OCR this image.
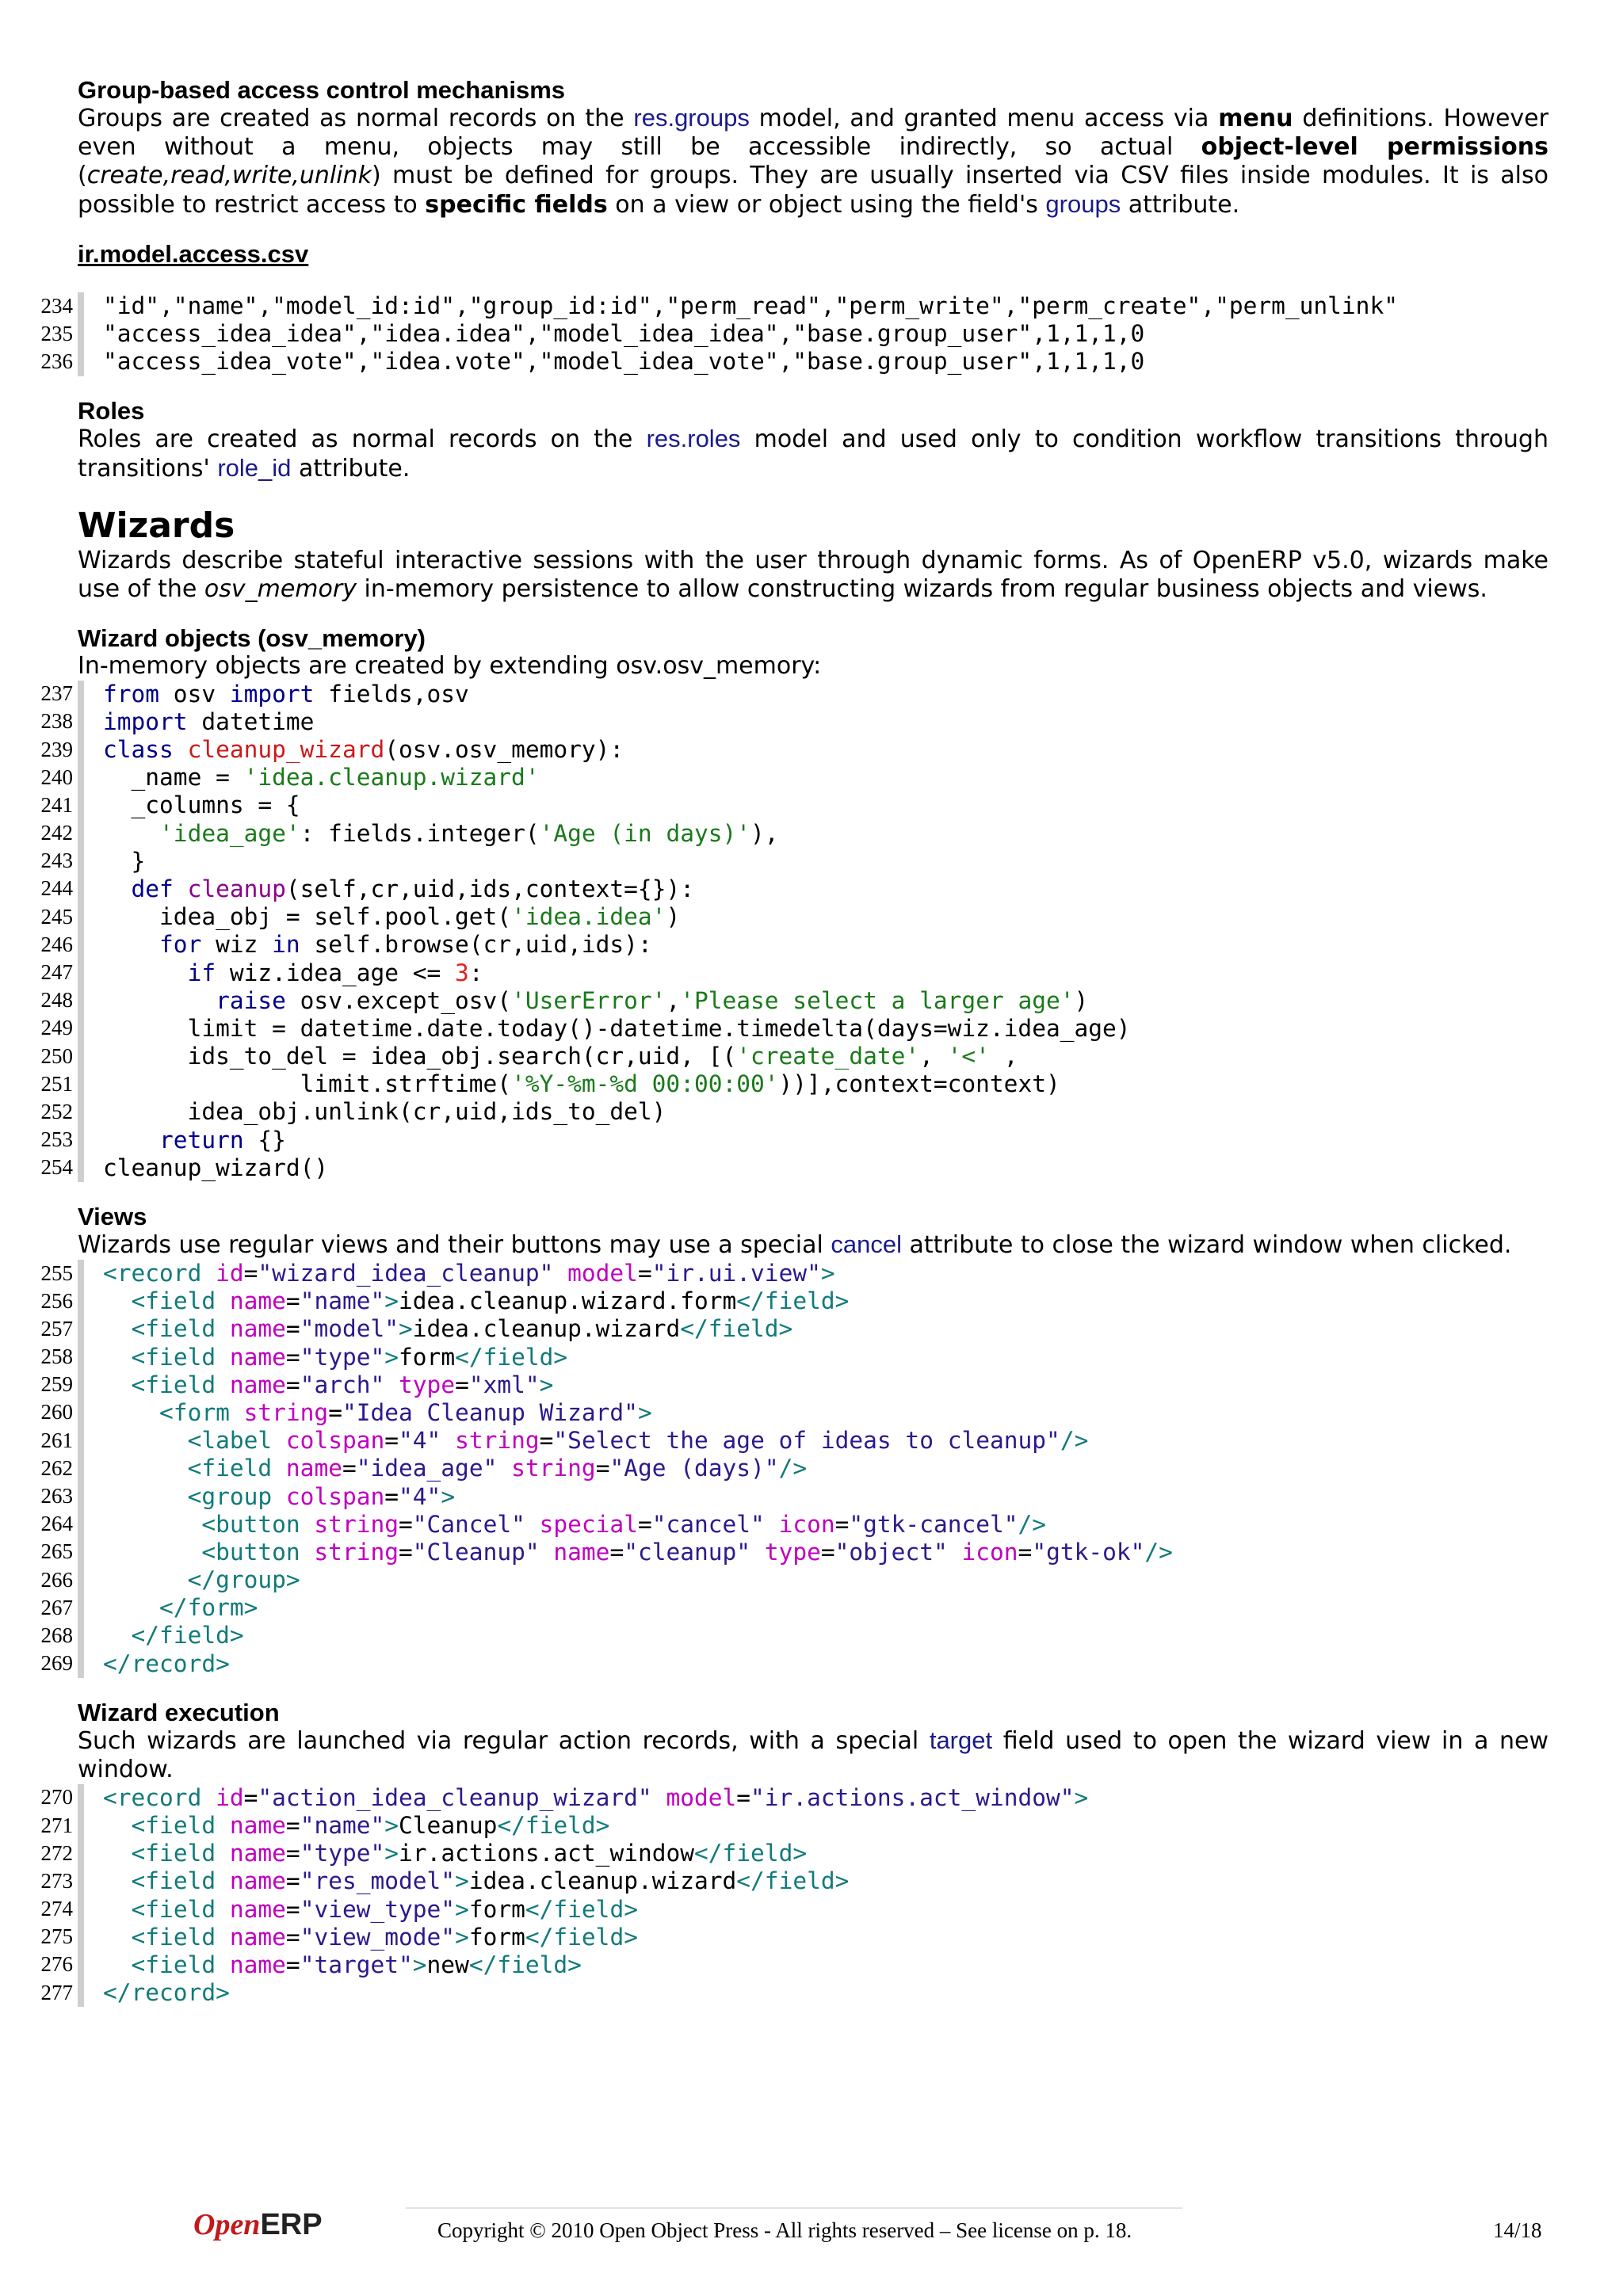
Group-based access control mechanisms

Groups are created as normal records on the res.groups model, and granted menu access via menu definitions. However even without a menu, objects may still be accessible indirectly, so actual object-level permissions (create,read,write,unlink) must be defined for groups. They are usually inserted via CSV files inside modules. It is also possible to restrict access to specific fields on a view or object using the field's groups attribute.

ir.model.access.csv

234 "id","name","model_id:id","group_id:id","perm_read","perm_write","perm_create","perm_unlink"
235 "access_idea_idea","idea.idea","model_idea_idea","base.group_user",1,1,1,0
236 "access_idea_vote","idea.vote","model_idea_vote","base.group_user",1,1,1,0

Roles

Roles are created as normal records on the res.roles model and used only to condition workflow transitions through transitions' role_id attribute.

Wizards

Wizards describe stateful interactive sessions with the user through dynamic forms. As of OpenERP v5.0, wizards make use of the osv_memory in-memory persistence to allow constructing wizards from regular business objects and views.

Wizard objects (osv_memory)

In-memory objects are created by extending osv.osv_memory:

237 from osv import fields,osv
238 import datetime
239 class cleanup_wizard(osv.osv_memory):
240 _name = 'idea.cleanup.wizard'
241 _columns = {
242	'idea_age': fields.integer('Age (in days)'),
243 }
244	def cleanup(self,cr,uid,ids,context={}):
245 idea_obj = self.pool.get('idea.idea')
246	for wiz in self.browse(cr,uid,ids):
247	if wiz.idea_age <= 3:
248	raise osv.except_osv('UserError','Please select a larger age')
249 limit = datetime.date.today()-datetime.timedelta(days=wiz.idea_age)
250 ids_to_del = idea_obj.search(cr,uid, [('create_date', '<' ,
251 limit.strftime('%Y-%m-%d 00:00:00'))],context=context)
252 idea_obj.unlink(cr,uid,ids_to_del)
253	return {}
254 cleanup_wizard()

Views

Wizards use regular views and their buttons may use a special cancel attribute to close the wizard window when clicked.

255 <record id="wizard_idea_cleanup" model="ir.ui.view">
256	<field name="name">idea.cleanup.wizard.form</field>
257	<field name="model">idea.cleanup.wizard</field>
258	<field name="type">form</field>
259	<field name="arch" type="xml">
260	<form string="Idea Cleanup Wizard">
261	<label colspan="4" string="Select the age of ideas to cleanup"/>
262	<field name="idea_age" string="Age (days)"/>
263	<group colspan="4">
264	<button string="Cancel" special="cancel" icon="gtk-cancel"/>
265	<button string="Cleanup" name="cleanup" type="object" icon="gtk-ok"/>
266	</group>
267	</form>
268	</field>
269 </record>

Wizard execution

Such wizards are launched via regular action records, with a special target field used to open the wizard view in a new window.

270 <record id="action_idea_cleanup_wizard" model="ir.actions.act_window">
271	<field name="name">Cleanup</field>
272	<field name="type">ir.actions.act_window</field>
273	<field name="res_model">idea.cleanup.wizard</field>
274	<field name="view_type">form</field>
275	<field name="view_mode">form</field>
276	<field name="target">new</field>
277 </record>
OpenERP	Copyright © 2010 Open Object Press - All rights reserved – See license on p. 18.	14/18
